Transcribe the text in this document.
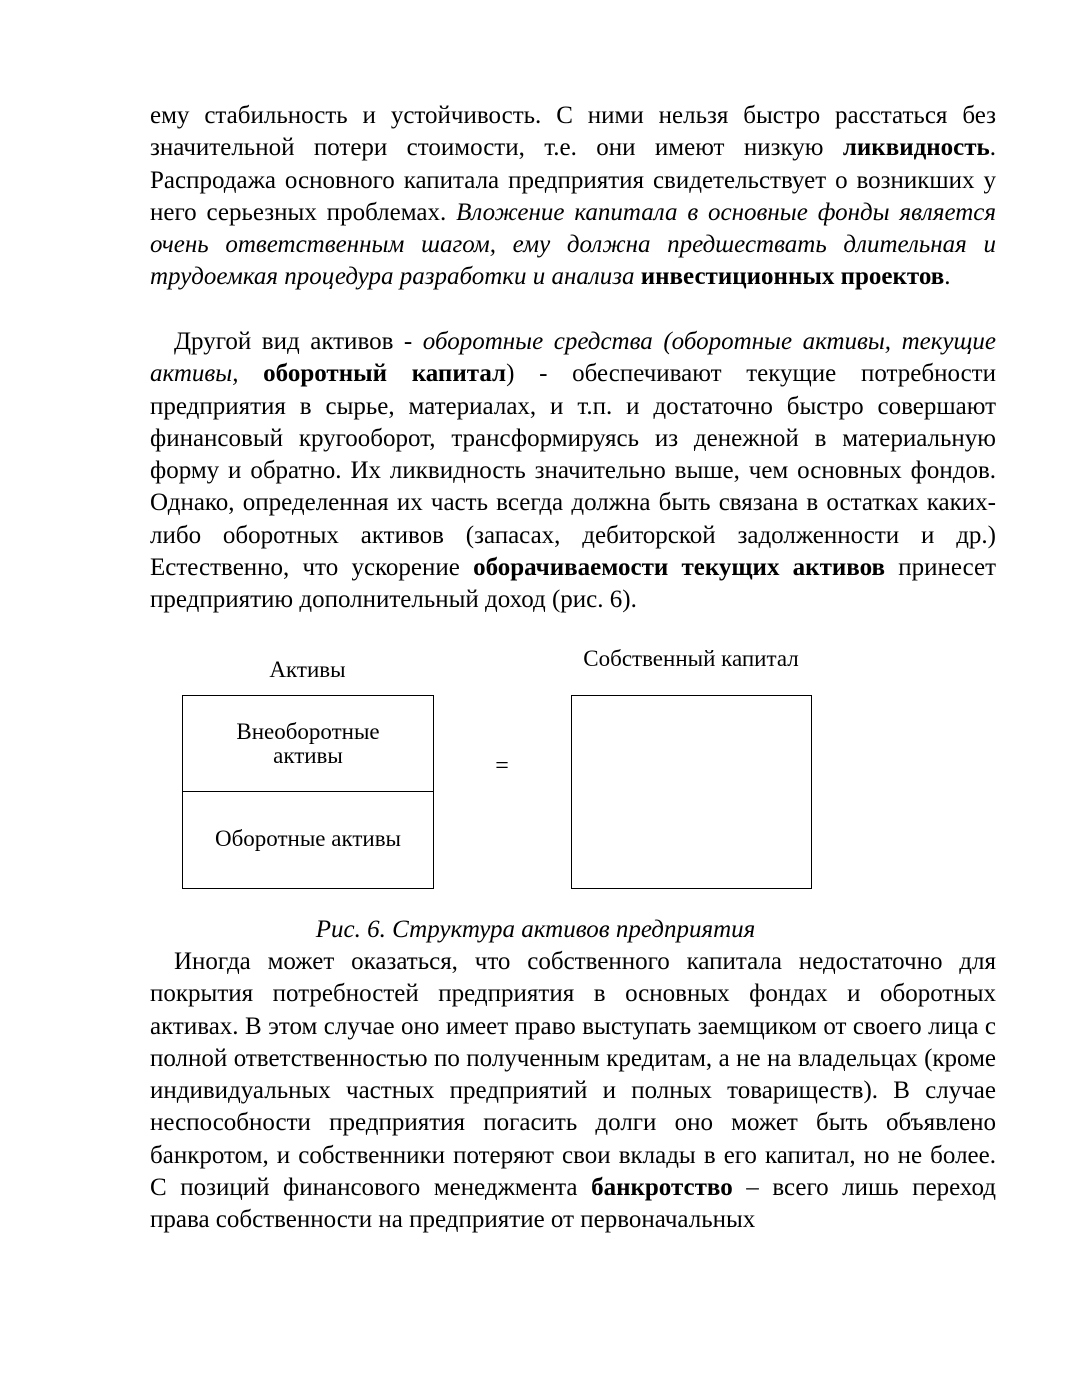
ему стабильность и устойчивость. С ними нельзя быстро расстаться без значительной потери стоимости, т.е. они имеют низкую ликвидность. Распродажа основного капитала предприятия свидетельствует о возникших у него серьезных проблемах. Вложение капитала в основные фонды является очень ответственным шагом, ему должна предшествать длительная и трудоемкая процедура разработки и анализа инвестиционных проектов.

Другой вид активов - оборотные средства (оборотные активы, текущие активы, оборотный капитал) - обеспечивают текущие потребности предприятия в сырье, материалах, и т.п. и достаточно быстро совершают финансовый кругооборот, трансформируясь из денежной в материальную форму и обратно. Их ликвидность значительно выше, чем основных фондов. Однако, определенная их часть всегда должна быть связана в остатках каких-либо оборотных активов (запасах, дебиторской задолженности и др.) Естественно, что ускорение оборачиваемости текущих активов принесет предприятию дополнительный доход (рис. 6).

Активы	Собственный капитал
Внеоборотные активы
Оборотные активы
=
Рис. 6. Структура активов предприятия

Иногда может оказаться, что собственного капитала недостаточно для покрытия потребностей предприятия в основных фондах и оборотных активах. В этом случае оно имеет право выступать заемщиком от своего лица с полной ответственностью по полученным кредитам, а не на владельцах (кроме индивидуальных частных предприятий и полных товариществ). В случае неспособности предприятия погасить долги оно может быть объявлено банкротом, и собственники потеряют свои вклады в его капитал, но не более. С позиций финансового менеджмента банкротство – всего лишь переход права собственности на предприятие от первоначальных
